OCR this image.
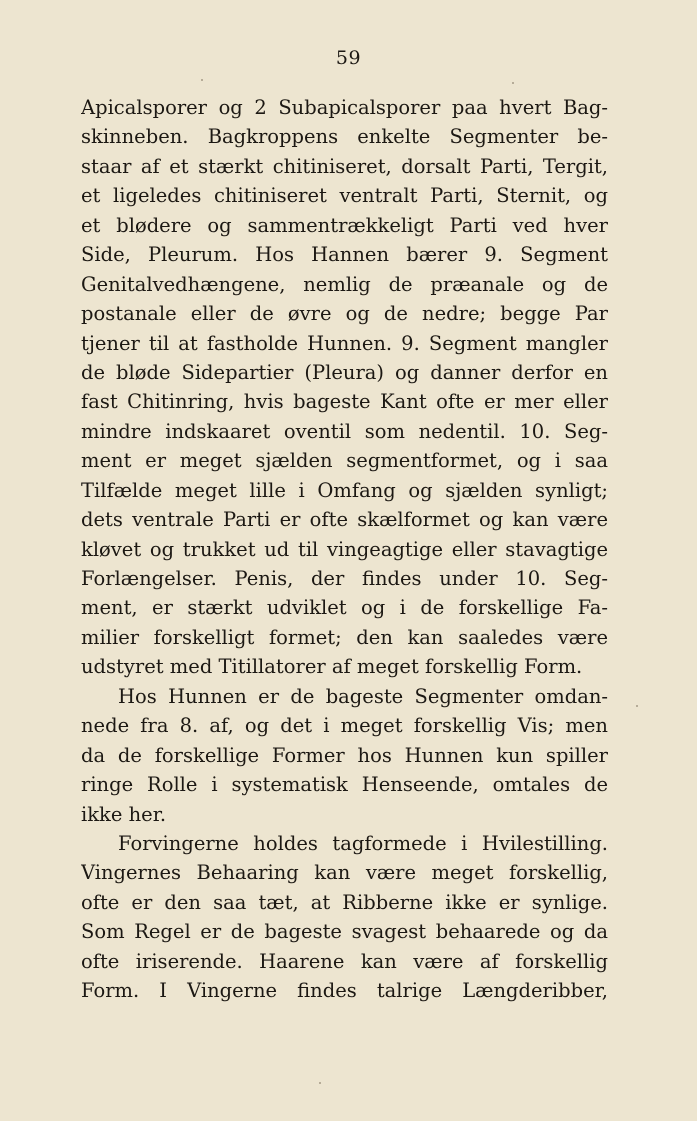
59
Apicalsporer og 2 Subapicalsporer paa hvert Bag-
skinneben. Bagkroppens enkelte Segmenter be-
staar af et stærkt chitiniseret, dorsalt Parti, Tergit,
et ligeledes chitiniseret ventralt Parti, Sternit, og
et blødere og sammentrækkeligt Parti ved hver
Side, Pleurum. Hos Hannen bærer 9. Segment
Genitalvedhængene, nemlig de præanale og de
postanale eller de øvre og de nedre; begge Par
tjener til at fastholde Hunnen. 9. Segment mangler
de bløde Sidepartier (Pleura) og danner derfor en
fast Chitinring, hvis bageste Kant ofte er mer eller
mindre indskaaret oventil som nedentil. 10. Seg-
ment er meget sjælden segmentformet, og i saa
Tilfælde meget lille i Omfang og sjælden synligt;
dets ventrale Parti er ofte skælformet og kan være
kløvet og trukket ud til vingeagtige eller stavagtige
Forlængelser. Penis, der findes under 10. Seg-
ment, er stærkt udviklet og i de forskellige Fa-
milier forskelligt formet; den kan saaledes være
udstyret med Titillatorer af meget forskellig Form.
Hos Hunnen er de bageste Segmenter omdan-
nede fra 8. af, og det i meget forskellig Vis; men
da de forskellige Former hos Hunnen kun spiller
ringe Rolle i systematisk Henseende, omtales de
ikke her.
Forvingerne holdes tagformede i Hvilestilling.
Vingernes Behaaring kan være meget forskellig,
ofte er den saa tæt, at Ribberne ikke er synlige.
Som Regel er de bageste svagest behaarede og da
ofte iriserende. Haarene kan være af forskellig
Form. I Vingerne findes talrige Længderibber,
